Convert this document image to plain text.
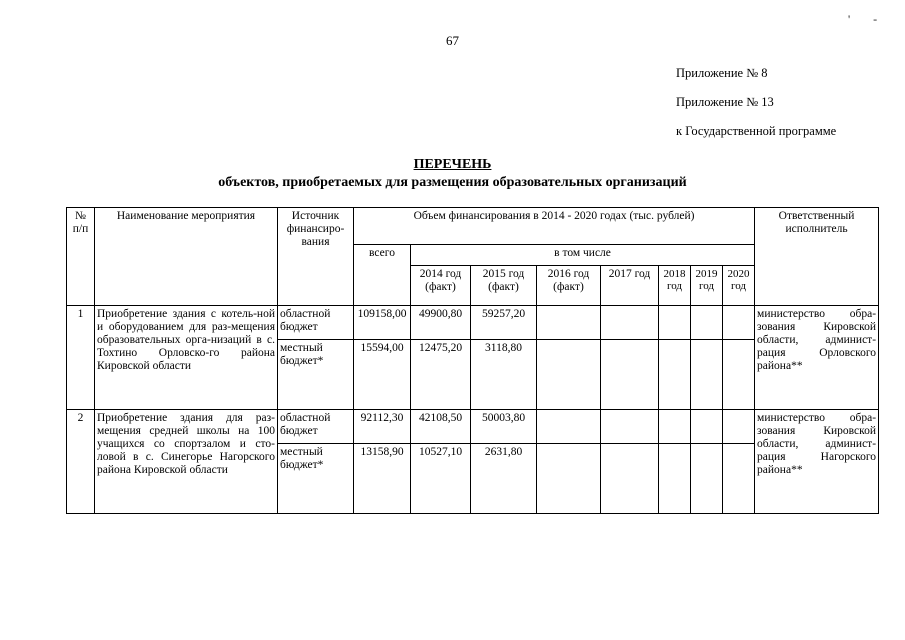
' -
67
Приложение № 8
Приложение № 13
к Государственной программе
ПЕРЕЧЕНЬ
объектов, приобретаемых для размещения образовательных организаций
№ п/п	Наименование мероприятия	Источник финансиро-вания	Объем финансирования в 2014 - 2020 годах (тыс. рублей)								Ответственный исполнитель
			всего	в том числе							
				2014 год (факт)	2015 год (факт)	2016 год (факт)	2017 год	2018 год	2019 год	2020 год	
1	Приобретение здания с котель-ной и оборудованием для раз-мещения образовательных орга-низаций в с. Тохтино Орловско-го района Кировской области	областной бюджет	109158,00	49900,80	59257,20						министерство обра-зования Кировской области, админист-рация Орловского района**
		местный бюджет*	15594,00	12475,20	3118,80						
2	Приобретение здания для раз-мещения средней школы на 100 учащихся со спортзалом и сто-ловой в с. Синегорье Нагорского района Кировской области	областной бюджет	92112,30	42108,50	50003,80						министерство обра-зования Кировской области, админист-рация Нагорского района**
		местный бюджет*	13158,90	10527,10	2631,80						
